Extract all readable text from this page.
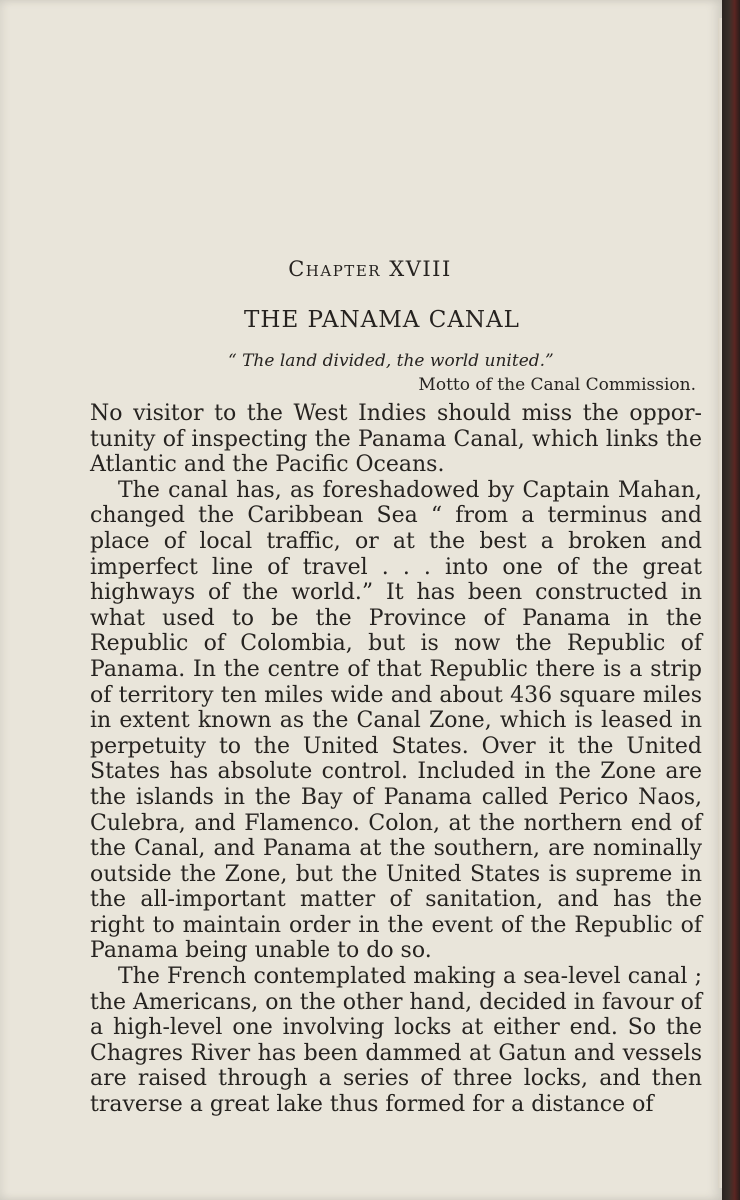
Chapter XVIII
THE PANAMA CANAL
“ The land divided, the world united.”
Motto of the Canal Commission.

No visitor to the West Indies should miss the oppor-tunity of inspecting the Panama Canal, which links the Atlantic and the Pacific Oceans.

The canal has, as foreshadowed by Captain Mahan, changed the Caribbean Sea “ from a terminus and place of local traffic, or at the best a broken and imperfect line of travel . . . into one of the great highways of the world.” It has been constructed in what used to be the Province of Panama in the Republic of Colombia, but is now the Republic of Panama. In the centre of that Republic there is a strip of territory ten miles wide and about 436 square miles in extent known as the Canal Zone, which is leased in perpetuity to the United States. Over it the United States has absolute control. Included in the Zone are the islands in the Bay of Panama called Perico Naos, Culebra, and Flamenco. Colon, at the northern end of the Canal, and Panama at the southern, are nominally outside the Zone, but the United States is supreme in the all-important matter of sanitation, and has the right to maintain order in the event of the Republic of Panama being unable to do so.

The French contemplated making a sea-level canal ; the Americans, on the other hand, decided in favour of a high-level one involving locks at either end. So the Chagres River has been dammed at Gatun and vessels are raised through a series of three locks, and then traverse a great lake thus formed for a distance of
